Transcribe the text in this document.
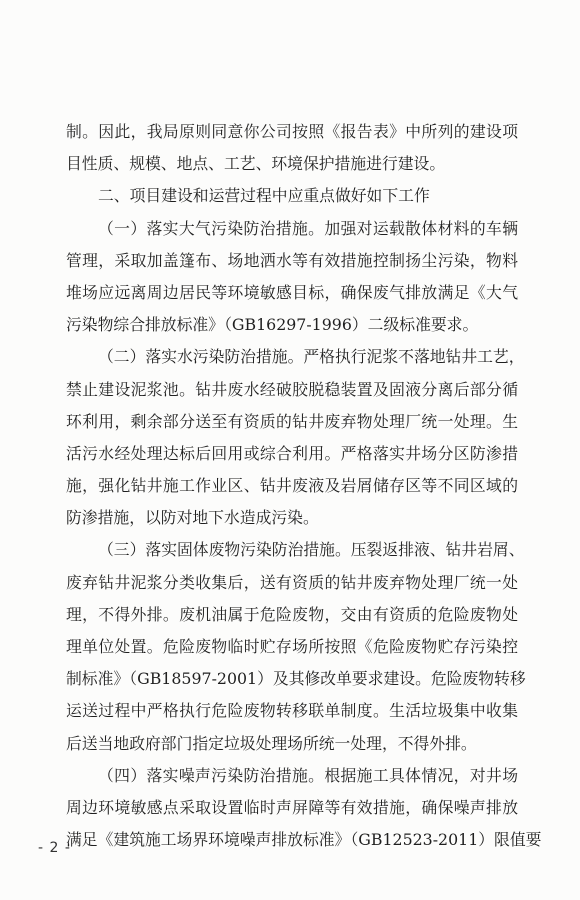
制。因此，我局原则同意你公司按照《报告表》中所列的建设项
目性质、规模、地点、工艺、环境保护措施进行建设。
二、项目建设和运营过程中应重点做好如下工作
（一）落实大气污染防治措施。加强对运载散体材料的车辆
管理，采取加盖篷布、场地洒水等有效措施控制扬尘污染，物料
堆场应远离周边居民等环境敏感目标，确保废气排放满足《大气
污染物综合排放标准》（GB16297-1996）二级标准要求。
（二）落实水污染防治措施。严格执行泥浆不落地钻井工艺，
禁止建设泥浆池。钻井废水经破胶脱稳装置及固液分离后部分循
环利用，剩余部分送至有资质的钻井废弃物处理厂统一处理。生
活污水经处理达标后回用或综合利用。严格落实井场分区防渗措
施，强化钻井施工作业区、钻井废液及岩屑储存区等不同区域的
防渗措施，以防对地下水造成污染。
（三）落实固体废物污染防治措施。压裂返排液、钻井岩屑、
废弃钻井泥浆分类收集后，送有资质的钻井废弃物处理厂统一处
理，不得外排。废机油属于危险废物，交由有资质的危险废物处
理单位处置。危险废物临时贮存场所按照《危险废物贮存污染控
制标准》（GB18597-2001）及其修改单要求建设。危险废物转移
运送过程中严格执行危险废物转移联单制度。生活垃圾集中收集
后送当地政府部门指定垃圾处理场所统一处理，不得外排。
（四）落实噪声污染防治措施。根据施工具体情况，对井场
周边环境敏感点采取设置临时声屏障等有效措施，确保噪声排放
满足《建筑施工场界环境噪声排放标准》（GB12523-2011）限值要
- 2 -
